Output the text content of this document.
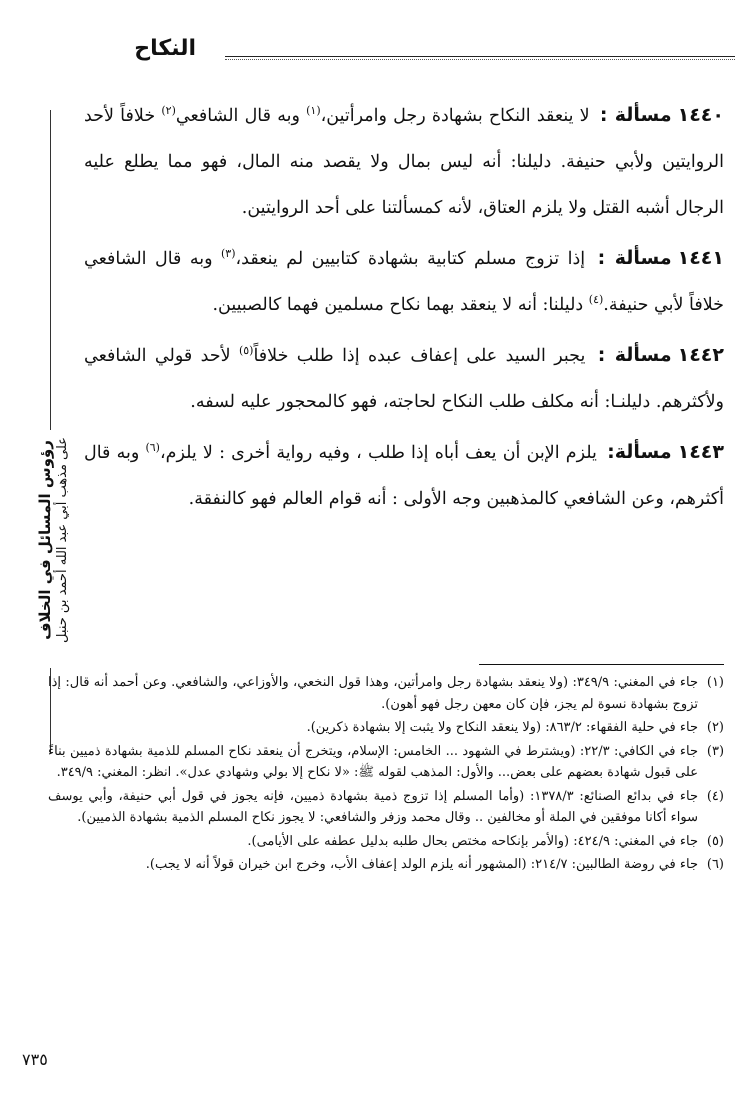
النكاح
رؤوس المسائل في الخلاف على مذهب أبي عبد الله أحمد بن حنبل

١٤٤٠مسألة : لا ينعقد النكاح بشهادة رجل وامرأتين،$^{(١)}$ وبه قال الشافعي$^{(٢)}$ خلافاً لأحد الروايتين ولأبي حنيفة. دليلنا: أنه ليس بمال ولا يقصد منه المال، فهو مما يطلع عليه الرجال أشبه القتل ولا يلزم العتاق، لأنه كمسألتنا على أحد الروايتين.

١٤٤١مسألة : إذا تزوج مسلم كتابية بشهادة كتابيين لم ينعقد،$^{(٣)}$ وبه قال الشافعي خلافاً لأبي حنيفة.$^{(٤)}$ دليلنا: أنه لا ينعقد بهما نكاح مسلمين فهما كالصبيين.

١٤٤٢مسألة : يجبر السيد على إعفاف عبده إذا طلب خلافاً$^{(٥)}$ لأحد قولي الشافعي ولأكثرهم. دليلنـا: أنه مكلف طلب النكاح لحاجته، فهو كالمحجور عليه لسفه.

١٤٤٣مسألة: يلزم الإبن أن يعف أباه إذا طلب ، وفيه رواية أخرى : لا يلزم،$^{(٦)}$ وبه قال أكثرهم، وعن الشافعي كالمذهبين وجه الأولى : أنه قوام العالم فهو كالنفقة.

(١)جاء في المغني: ٣٤٩/٩: (ولا ينعقد بشهادة رجل وامرأتين، وهذا قول النخعي، والأوزاعي، والشافعي. وعن أحمد أنه قال: إذا تزوج بشهادة نسوة لم يجز، فإن كان معهن رجل فهو أهون).

(٢)جاء في حلية الفقهاء: ٨٦٣/٢: (ولا ينعقد النكاح ولا يثبت إلا بشهادة ذكرين).

(٣)جاء في الكافي: ٢٢/٣: (ويشترط في الشهود ... الخامس: الإسلام، ويتخرج أن ينعقد نكاح المسلم للذمية بشهادة ذميين بناءً على قبول شهادة بعضهم على بعض... والأول: المذهب لقوله ﷺ: «لا نكاح إلا بولي وشهادي عدل». انظر: المغني: ٣٤٩/٩.

(٤)جاء في بدائع الصنائع: ١٣٧٨/٣: (وأما المسلم إذا تزوج ذمية بشهادة ذميين، فإنه يجوز في قول أبي حنيفة، وأبي يوسف سواء أكانا موفقين في الملة أو مخالفين .. وقال محمد وزفر والشافعي: لا يجوز نكاح المسلم الذمية بشهادة الذميين).

(٥)جاء في المغني: ٤٢٤/٩: (والأمر بإنكاحه مختص بحال طلبه بدليل عطفه على الأيامى).

(٦)جاء في روضة الطالبين: ٢١٤/٧: (المشهور أنه يلزم الولد إعفاف الأب، وخرج ابن خيران قولاً أنه لا يجب).

٧٣٥
